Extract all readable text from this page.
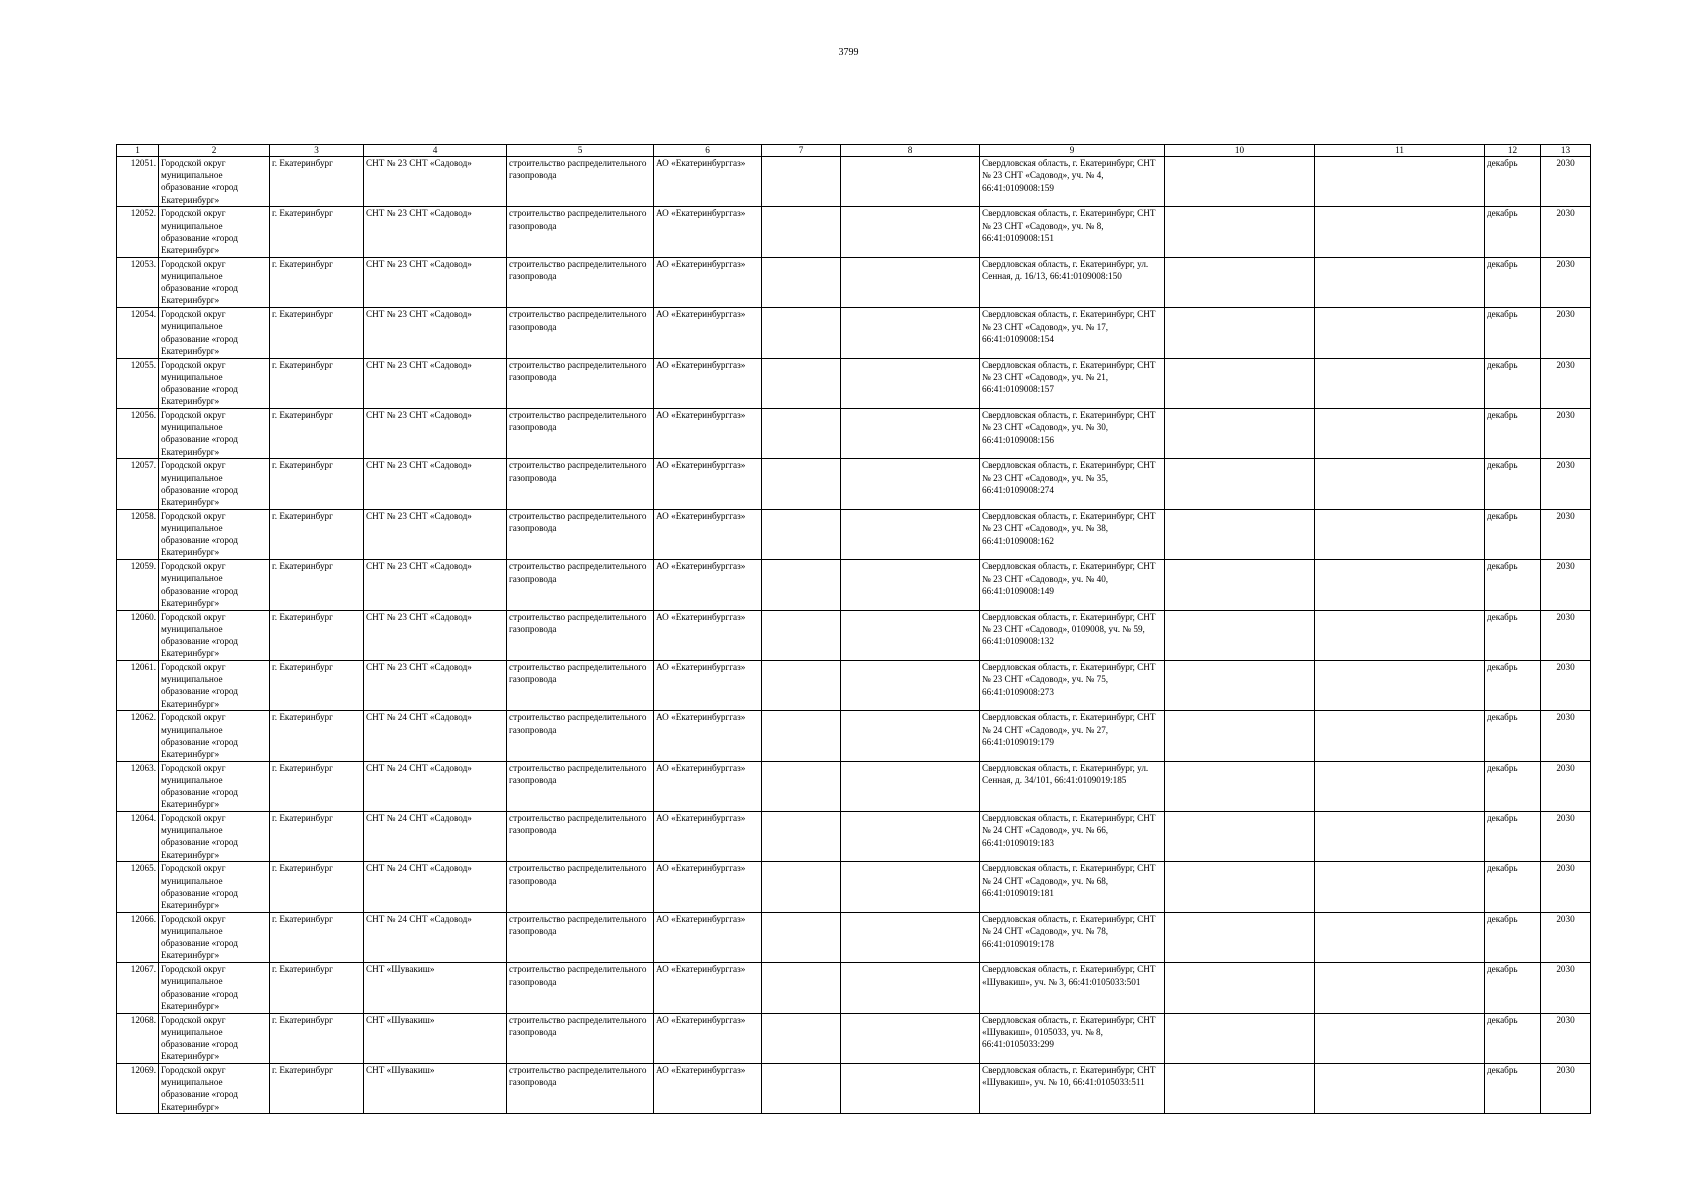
3799
1	2	3	4	5	6	7	8	9	10	11	12	13
12051.	Городской округ муниципальное образование «город Екатеринбург»	г. Екатеринбург	СНТ № 23 СНТ «Садовод»	строительство распределительного газопровода	АО «Екатеринбурггаз»			Свердловская область, г. Екатеринбург, СНТ № 23 СНТ «Садовод», уч. № 4, 66:41:0109008:159			декабрь	2030
12052.	Городской округ муниципальное образование «город Екатеринбург»	г. Екатеринбург	СНТ № 23 СНТ «Садовод»	строительство распределительного газопровода	АО «Екатеринбурггаз»			Свердловская область, г. Екатеринбург, СНТ № 23 СНТ «Садовод», уч. № 8, 66:41:0109008:151			декабрь	2030
12053.	Городской округ муниципальное образование «город Екатеринбург»	г. Екатеринбург	СНТ № 23 СНТ «Садовод»	строительство распределительного газопровода	АО «Екатеринбурггаз»			Свердловская область, г. Екатеринбург, ул. Сенная, д. 16/13, 66:41:0109008:150			декабрь	2030
12054.	Городской округ муниципальное образование «город Екатеринбург»	г. Екатеринбург	СНТ № 23 СНТ «Садовод»	строительство распределительного газопровода	АО «Екатеринбурггаз»			Свердловская область, г. Екатеринбург, СНТ № 23 СНТ «Садовод», уч. № 17, 66:41:0109008:154			декабрь	2030
12055.	Городской округ муниципальное образование «город Екатеринбург»	г. Екатеринбург	СНТ № 23 СНТ «Садовод»	строительство распределительного газопровода	АО «Екатеринбурггаз»			Свердловская область, г. Екатеринбург, СНТ № 23 СНТ «Садовод», уч. № 21, 66:41:0109008:157			декабрь	2030
12056.	Городской округ муниципальное образование «город Екатеринбург»	г. Екатеринбург	СНТ № 23 СНТ «Садовод»	строительство распределительного газопровода	АО «Екатеринбурггаз»			Свердловская область, г. Екатеринбург, СНТ № 23 СНТ «Садовод», уч. № 30, 66:41:0109008:156			декабрь	2030
12057.	Городской округ муниципальное образование «город Екатеринбург»	г. Екатеринбург	СНТ № 23 СНТ «Садовод»	строительство распределительного газопровода	АО «Екатеринбурггаз»			Свердловская область, г. Екатеринбург, СНТ № 23 СНТ «Садовод», уч. № 35, 66:41:0109008:274			декабрь	2030
12058.	Городской округ муниципальное образование «город Екатеринбург»	г. Екатеринбург	СНТ № 23 СНТ «Садовод»	строительство распределительного газопровода	АО «Екатеринбурггаз»			Свердловская область, г. Екатеринбург, СНТ № 23 СНТ «Садовод», уч. № 38, 66:41:0109008:162			декабрь	2030
12059.	Городской округ муниципальное образование «город Екатеринбург»	г. Екатеринбург	СНТ № 23 СНТ «Садовод»	строительство распределительного газопровода	АО «Екатеринбурггаз»			Свердловская область, г. Екатеринбург, СНТ № 23 СНТ «Садовод», уч. № 40, 66:41:0109008:149			декабрь	2030
12060.	Городской округ муниципальное образование «город Екатеринбург»	г. Екатеринбург	СНТ № 23 СНТ «Садовод»	строительство распределительного газопровода	АО «Екатеринбурггаз»			Свердловская область, г. Екатеринбург, СНТ № 23 СНТ «Садовод», 0109008, уч. № 59, 66:41:0109008:132			декабрь	2030
12061.	Городской округ муниципальное образование «город Екатеринбург»	г. Екатеринбург	СНТ № 23 СНТ «Садовод»	строительство распределительного газопровода	АО «Екатеринбурггаз»			Свердловская область, г. Екатеринбург, СНТ № 23 СНТ «Садовод», уч. № 75, 66:41:0109008:273			декабрь	2030
12062.	Городской округ муниципальное образование «город Екатеринбург»	г. Екатеринбург	СНТ № 24 СНТ «Садовод»	строительство распределительного газопровода	АО «Екатеринбурггаз»			Свердловская область, г. Екатеринбург, СНТ № 24 СНТ «Садовод», уч. № 27, 66:41:0109019:179			декабрь	2030
12063.	Городской округ муниципальное образование «город Екатеринбург»	г. Екатеринбург	СНТ № 24 СНТ «Садовод»	строительство распределительного газопровода	АО «Екатеринбурггаз»			Свердловская область, г. Екатеринбург, ул. Сенная, д. 34/101, 66:41:0109019:185			декабрь	2030
12064.	Городской округ муниципальное образование «город Екатеринбург»	г. Екатеринбург	СНТ № 24 СНТ «Садовод»	строительство распределительного газопровода	АО «Екатеринбурггаз»			Свердловская область, г. Екатеринбург, СНТ № 24 СНТ «Садовод», уч. № 66, 66:41:0109019:183			декабрь	2030
12065.	Городской округ муниципальное образование «город Екатеринбург»	г. Екатеринбург	СНТ № 24 СНТ «Садовод»	строительство распределительного газопровода	АО «Екатеринбурггаз»			Свердловская область, г. Екатеринбург, СНТ № 24 СНТ «Садовод», уч. № 68, 66:41:0109019:181			декабрь	2030
12066.	Городской округ муниципальное образование «город Екатеринбург»	г. Екатеринбург	СНТ № 24 СНТ «Садовод»	строительство распределительного газопровода	АО «Екатеринбурггаз»			Свердловская область, г. Екатеринбург, СНТ № 24 СНТ «Садовод», уч. № 78, 66:41:0109019:178			декабрь	2030
12067.	Городской округ муниципальное образование «город Екатеринбург»	г. Екатеринбург	СНТ «Шувакиш»	строительство распределительного газопровода	АО «Екатеринбурггаз»			Свердловская область, г. Екатеринбург, СНТ «Шувакиш», уч. № 3, 66:41:0105033:501			декабрь	2030
12068.	Городской округ муниципальное образование «город Екатеринбург»	г. Екатеринбург	СНТ «Шувакиш»	строительство распределительного газопровода	АО «Екатеринбурггаз»			Свердловская область, г. Екатеринбург, СНТ «Шувакиш», 0105033, уч. № 8, 66:41:0105033:299			декабрь	2030
12069.	Городской округ муниципальное образование «город Екатеринбург»	г. Екатеринбург	СНТ «Шувакиш»	строительство распределительного газопровода	АО «Екатеринбурггаз»			Свердловская область, г. Екатеринбург, СНТ «Шувакиш», уч. № 10, 66:41:0105033:511			декабрь	2030
